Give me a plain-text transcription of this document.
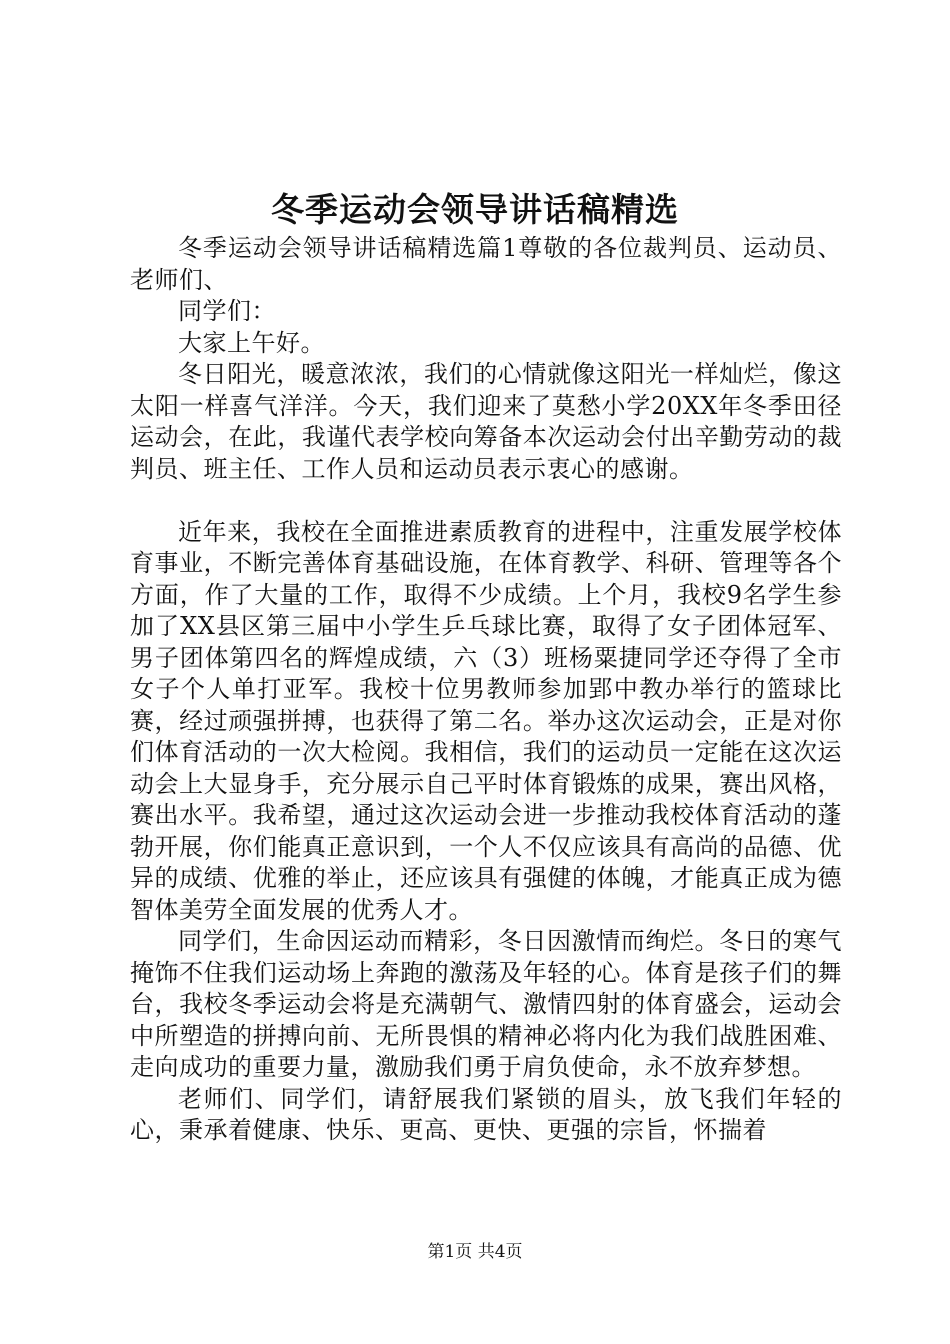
冬季运动会领导讲话稿精选

冬季运动会领导讲话稿精选篇1尊敬的各位裁判员、运动员、老师们、

同学们：

大家上午好。

冬日阳光，暖意浓浓，我们的心情就像这阳光一样灿烂，像这太阳一样喜气洋洋。今天，我们迎来了莫愁小学20XX年冬季田径运动会，在此，我谨代表学校向筹备本次运动会付出辛勤劳动的裁判员、班主任、工作人员和运动员表示衷心的感谢。

近年来，我校在全面推进素质教育的进程中，注重发展学校体育事业，不断完善体育基础设施，在体育教学、科研、管理等各个方面，作了大量的工作，取得不少成绩。上个月，我校9名学生参加了XX县区第三届中小学生乒乓球比赛，取得了女子团体冠军、男子团体第四名的辉煌成绩，六（3）班杨粟捷同学还夺得了全市女子个人单打亚军。我校十位男教师参加郢中教办举行的篮球比赛，经过顽强拼搏，也获得了第二名。举办这次运动会，正是对你们体育活动的一次大检阅。我相信，我们的运动员一定能在这次运动会上大显身手，充分展示自己平时体育锻炼的成果，赛出风格，赛出水平。我希望，通过这次运动会进一步推动我校体育活动的蓬勃开展，你们能真正意识到，一个人不仅应该具有高尚的品德、优异的成绩、优雅的举止，还应该具有强健的体魄，才能真正成为德智体美劳全面发展的优秀人才。

同学们，生命因运动而精彩，冬日因激情而绚烂。冬日的寒气掩饰不住我们运动场上奔跑的激荡及年轻的心。体育是孩子们的舞台，我校冬季运动会将是充满朝气、激情四射的体育盛会，运动会中所塑造的拼搏向前、无所畏惧的精神必将内化为我们战胜困难、走向成功的重要力量，激励我们勇于肩负使命，永不放弃梦想。

老师们、同学们，请舒展我们紧锁的眉头，放飞我们年轻的心，秉承着健康、快乐、更高、更快、更强的宗旨，怀揣着

第1页 共4页
